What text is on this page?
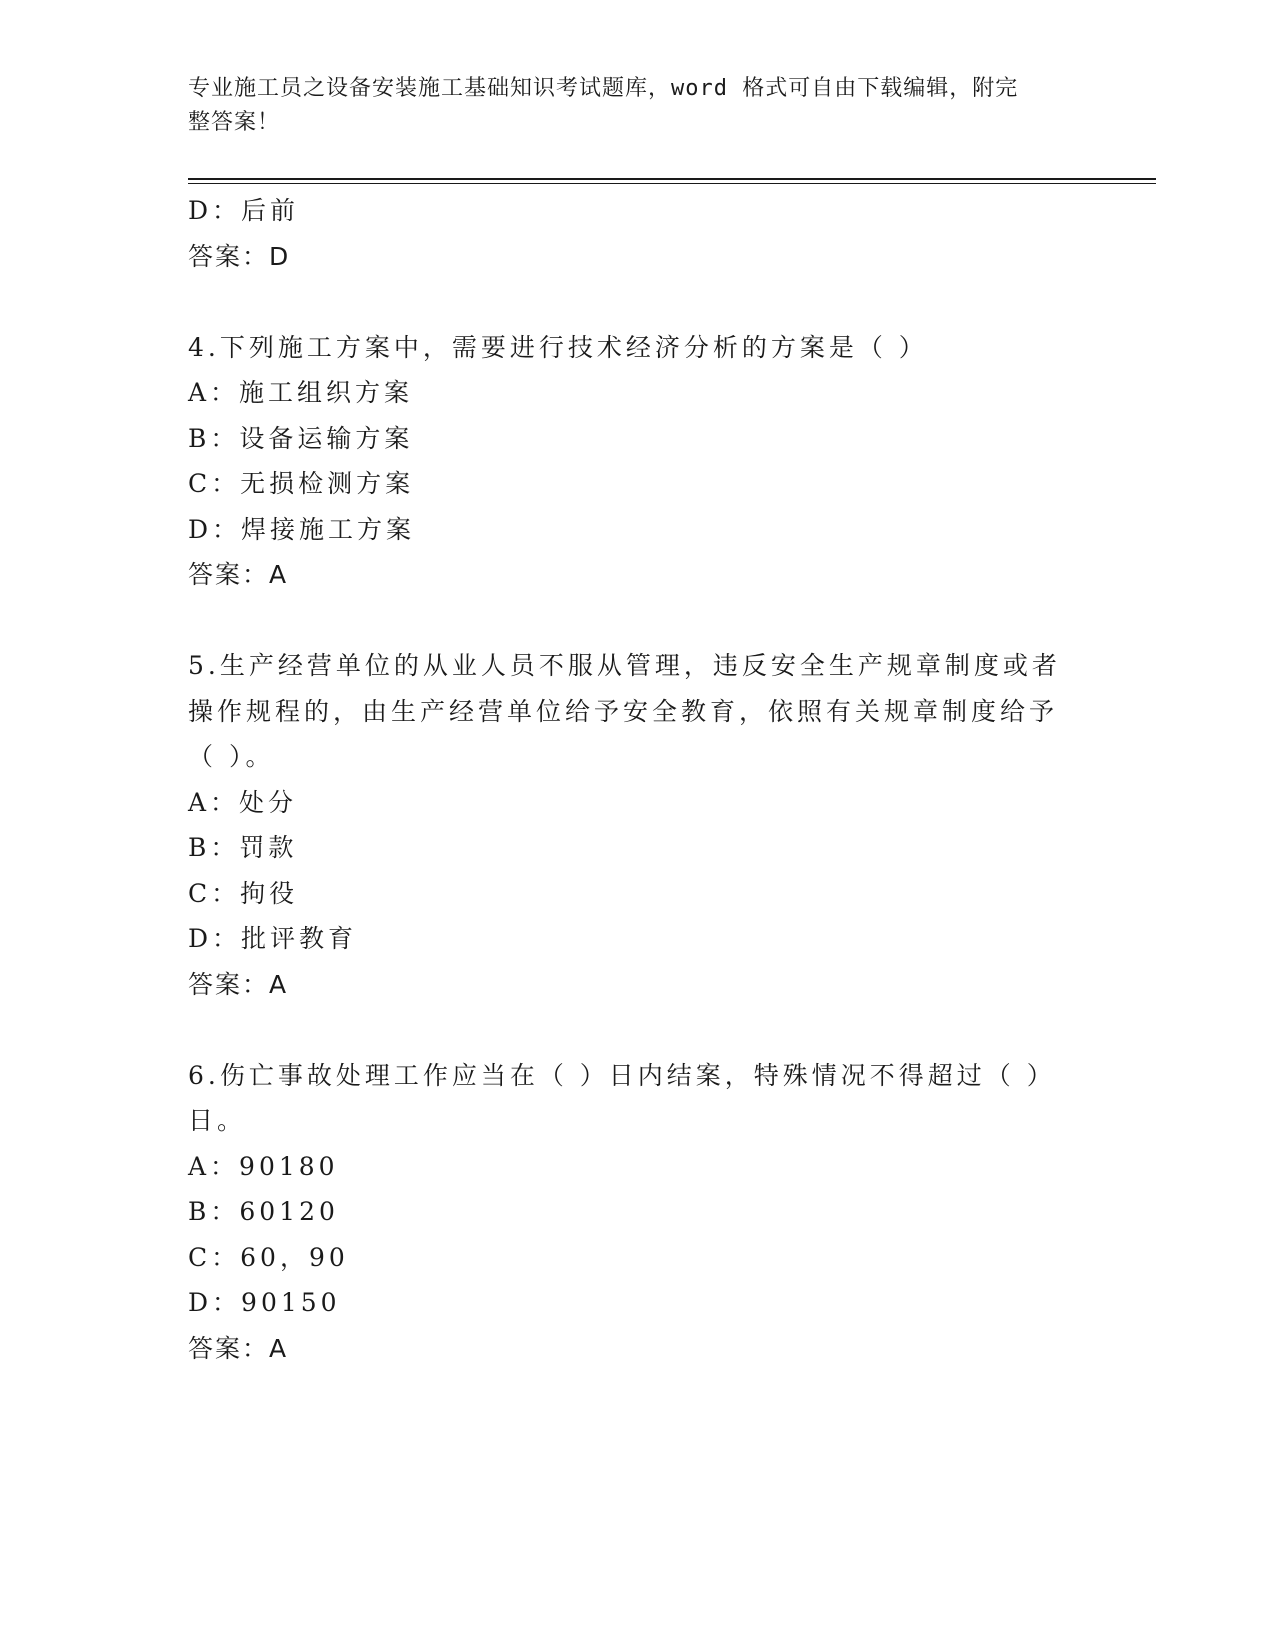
专业施工员之设备安装施工基础知识考试题库，word 格式可自由下载编辑，附完
整答案！
D：后前
答案：D
4.下列施工方案中，需要进行技术经济分析的方案是（ ）
A：施工组织方案
B：设备运输方案
C：无损检测方案
D：焊接施工方案
答案：A
5.生产经营单位的从业人员不服从管理，违反安全生产规章制度或者
操作规程的，由生产经营单位给予安全教育，依照有关规章制度给予
（ ）。
A：处分
B：罚款
C：拘役
D：批评教育
答案：A
6.伤亡事故处理工作应当在（ ）日内结案，特殊情况不得超过（ ）
日。
A：90180
B：60120
C：60，90
D：90150
答案：A
